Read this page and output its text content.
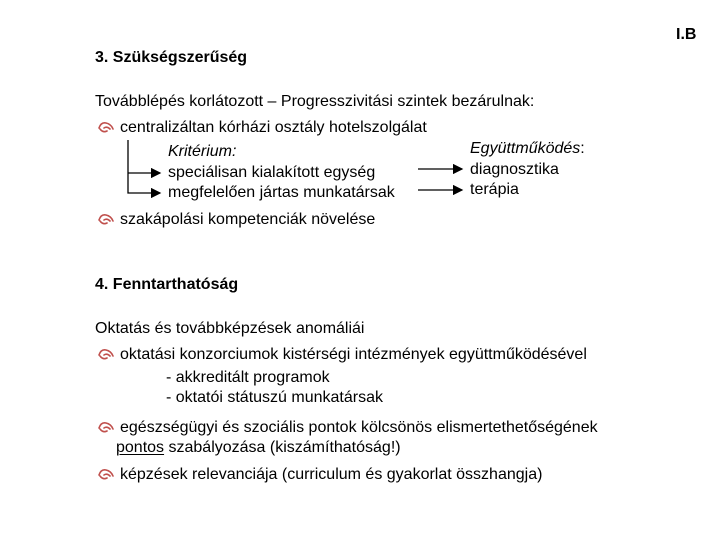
I.B
3. Szükségszerűség
Továbblépés korlátozott – Progresszivitási szintek bezárulnak:
centralizáltan kórházi osztály hotelszolgálat
Kritérium:
speciálisan kialakított egység
megfelelően jártas munkatársak
Együttműködés:
diagnosztika
terápia
szakápolási kompetenciák növelése
4. Fenntarthatóság
Oktatás és továbbképzések anomáliái
oktatási konzorciumok kistérségi intézmények együttműködésével
- akkreditált programok
- oktatói státuszú munkatársak
egészségügyi és szociális pontok kölcsönös elismertethetőségének
pontos szabályozása (kiszámíthatóság!)
képzések relevanciája (curriculum és gyakorlat összhangja)
